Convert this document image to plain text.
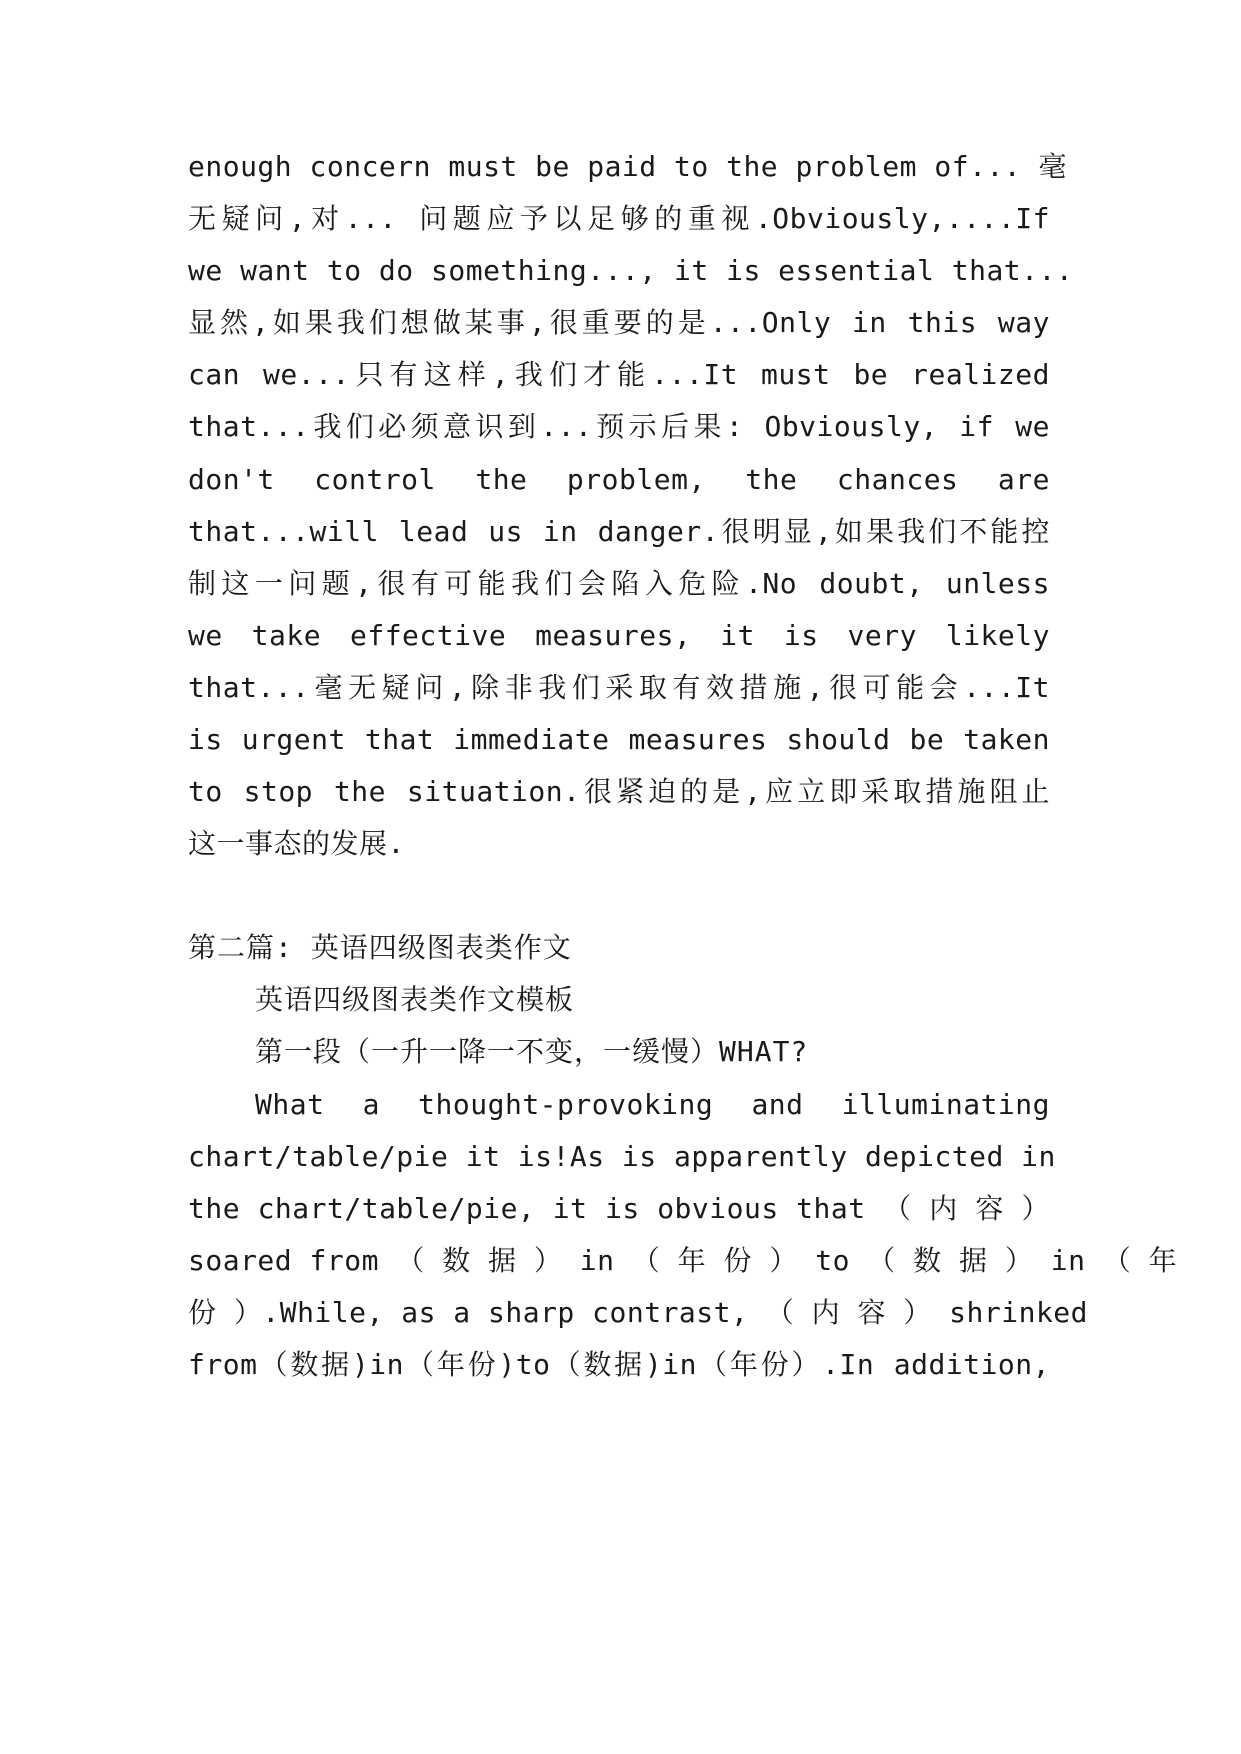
enough concern must be paid to the problem of... 毫
无疑问,对... 问题应予以足够的重视.Obviously,....If
we want to do something..., it is essential that...
显然,如果我们想做某事,很重要的是...Only in this way
can we...只有这样,我们才能...It must be realized
that...我们必须意识到...预示后果: Obviously, if we
don't control the problem, the chances are
that...will lead us in danger.很明显,如果我们不能控
制这一问题,很有可能我们会陷入危险.No doubt, unless
we take effective measures, it is very likely
that...毫无疑问,除非我们采取有效措施,很可能会...It
is urgent that immediate measures should be taken
to stop the situation.很紧迫的是,应立即采取措施阻止
这一事态的发展.
第二篇: 英语四级图表类作文
英语四级图表类作文模板
第一段（一升一降一不变，一缓慢）WHAT?
What a thought-provoking and illuminating
chart/table/pie it is!As is apparently depicted in
the chart/table/pie, it is obvious that （ 内 容 ）
soared from （ 数 据 ） in （ 年 份 ） to （ 数 据 ） in （ 年
份 ）.While, as a sharp contrast, （ 内 容 ） shrinked
from（数据)in（年份)to（数据)in（年份）.In addition,
